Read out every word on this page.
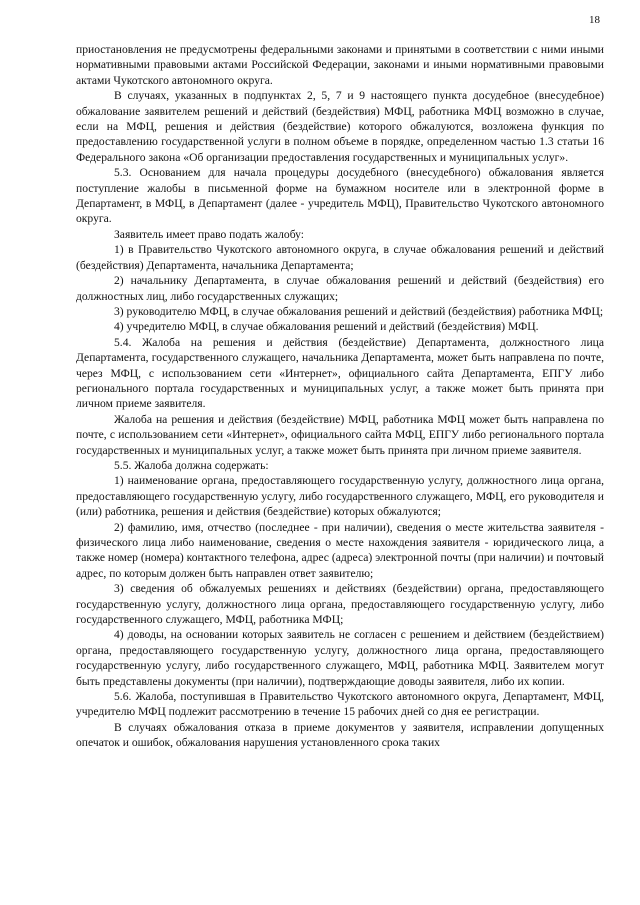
18

приостановления не предусмотрены федеральными законами и принятыми в соответствии с ними иными нормативными правовыми актами Российской Федерации, законами и иными нормативными правовыми актами Чукотского автономного округа.

В случаях, указанных в подпунктах 2, 5, 7 и 9 настоящего пункта досудебное (внесудебное) обжалование заявителем решений и действий (бездействия) МФЦ, работника МФЦ возможно в случае, если на МФЦ, решения и действия (бездействие) которого обжалуются, возложена функция по предоставлению государственной услуги в полном объеме в порядке, определенном частью 1.3 статьи 16 Федерального закона «Об организации предоставления государственных и муниципальных услуг».

5.3. Основанием для начала процедуры досудебного (внесудебного) обжалования является поступление жалобы в письменной форме на бумажном носителе или в электронной форме в Департамент, в МФЦ, в Департамент (далее - учредитель МФЦ), Правительство Чукотского автономного округа.

Заявитель имеет право подать жалобу:

1) в Правительство Чукотского автономного округа, в случае обжалования решений и действий (бездействия) Департамента, начальника Департамента;

2) начальнику Департамента, в случае обжалования решений и действий (бездействия) его должностных лиц, либо государственных служащих;

3) руководителю МФЦ, в случае обжалования решений и действий (бездействия) работника МФЦ;

4) учредителю МФЦ, в случае обжалования решений и действий (бездействия) МФЦ.

5.4. Жалоба на решения и действия (бездействие) Департамента, должностного лица Департамента, государственного служащего, начальника Департамента, может быть направлена по почте, через МФЦ, с использованием сети «Интернет», официального сайта Департамента, ЕПГУ либо регионального портала государственных и муниципальных услуг, а также может быть принята при личном приеме заявителя.

Жалоба на решения и действия (бездействие) МФЦ, работника МФЦ может быть направлена по почте, с использованием сети «Интернет», официального сайта МФЦ, ЕПГУ либо регионального портала государственных и муниципальных услуг, а также может быть принята при личном приеме заявителя.

5.5. Жалоба должна содержать:

1) наименование органа, предоставляющего государственную услугу, должностного лица органа, предоставляющего государственную услугу, либо государственного служащего, МФЦ, его руководителя и (или) работника, решения и действия (бездействие) которых обжалуются;

2) фамилию, имя, отчество (последнее - при наличии), сведения о месте жительства заявителя - физического лица либо наименование, сведения о месте нахождения заявителя - юридического лица, а также номер (номера) контактного телефона, адрес (адреса) электронной почты (при наличии) и почтовый адрес, по которым должен быть направлен ответ заявителю;

3) сведения об обжалуемых решениях и действиях (бездействии) органа, предоставляющего государственную услугу, должностного лица органа, предоставляющего государственную услугу, либо государственного служащего, МФЦ, работника МФЦ;

4) доводы, на основании которых заявитель не согласен с решением и действием (бездействием) органа, предоставляющего государственную услугу, должностного лица органа, предоставляющего государственную услугу, либо государственного служащего, МФЦ, работника МФЦ. Заявителем могут быть представлены документы (при наличии), подтверждающие доводы заявителя, либо их копии.

5.6. Жалоба, поступившая в Правительство Чукотского автономного округа, Департамент, МФЦ, учредителю МФЦ подлежит рассмотрению в течение 15 рабочих дней со дня ее регистрации.

В случаях обжалования отказа в приеме документов у заявителя, исправлении допущенных опечаток и ошибок, обжалования нарушения установленного срока таких
